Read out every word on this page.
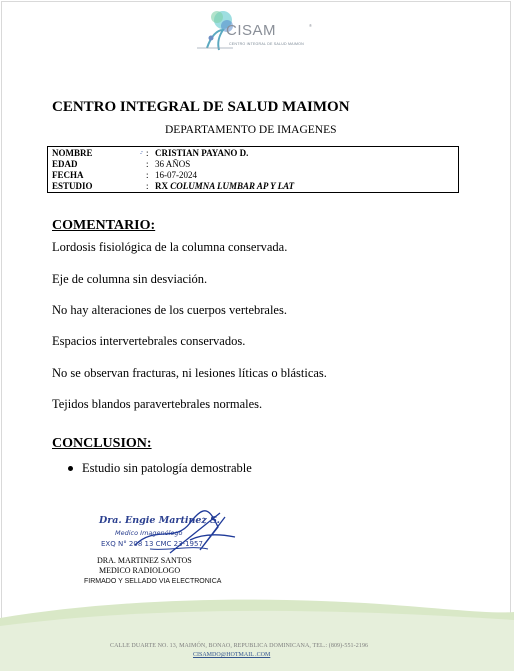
CISAM	®
CENTRO INTEGRAL DE SALUD MAIMON
CENTRO INTEGRAL DE SALUD MAIMON
DEPARTAMENTO DE IMAGENES
NOMBRE	ᵕ̈ : CRISTIAN PAYANO D.
EDAD	: 36 AÑOS
FECHA	: 16-07-2024
ESTUDIO	: RX COLUMNA LUMBAR AP Y LAT
COMENTARIO:
Lordosis fisiológica de la columna conservada.
Eje de columna sin desviación.
No hay alteraciones de los cuerpos vertebrales.
Espacios intervertebrales conservados.
No se observan fracturas, ni lesiones líticas o blásticas.
Tejidos blandos paravertebrales normales.
CONCLUSION:
Estudio sin patología demostrable
Dra. Engie Martinez S.
Medico Imagenólogo
EXQ N° 208 13 CMC 23-1957
DRA. MARTINEZ SANTOS
MEDICO RADIOLOGO
FIRMADO Y SELLADO VIA ELECTRONICA
CALLE DUARTE NO. 13, MAIMÓN, BONAO, REPUBLICA DOMINICANA, TEL.: (809)-551-2196
CISAMDO@HOTMAIL .COM
